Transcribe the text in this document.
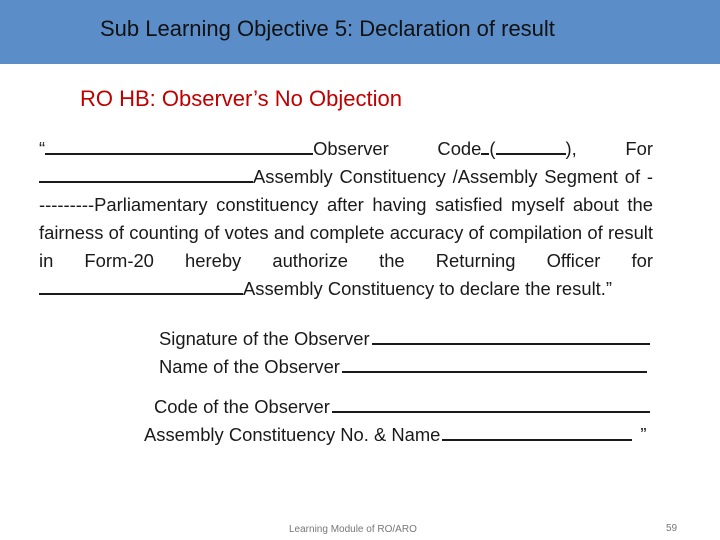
Sub Learning Objective 5: Declaration of result
RO HB: Observer’s No Objection

“	Observer Code (	), For Assembly Constituency /Assembly Segment of - ---------Parliamentary constituency after having satisfied myself about the fairness of counting of votes and complete accuracy of compilation of result in Form-20 hereby authorize the Returning Officer for Assembly Constituency to declare the result.”

Signature of the Observer
Name of the Observer
Code of the Observer
Assembly Constituency No. & Name	”
Learning Module of RO/ARO	59
